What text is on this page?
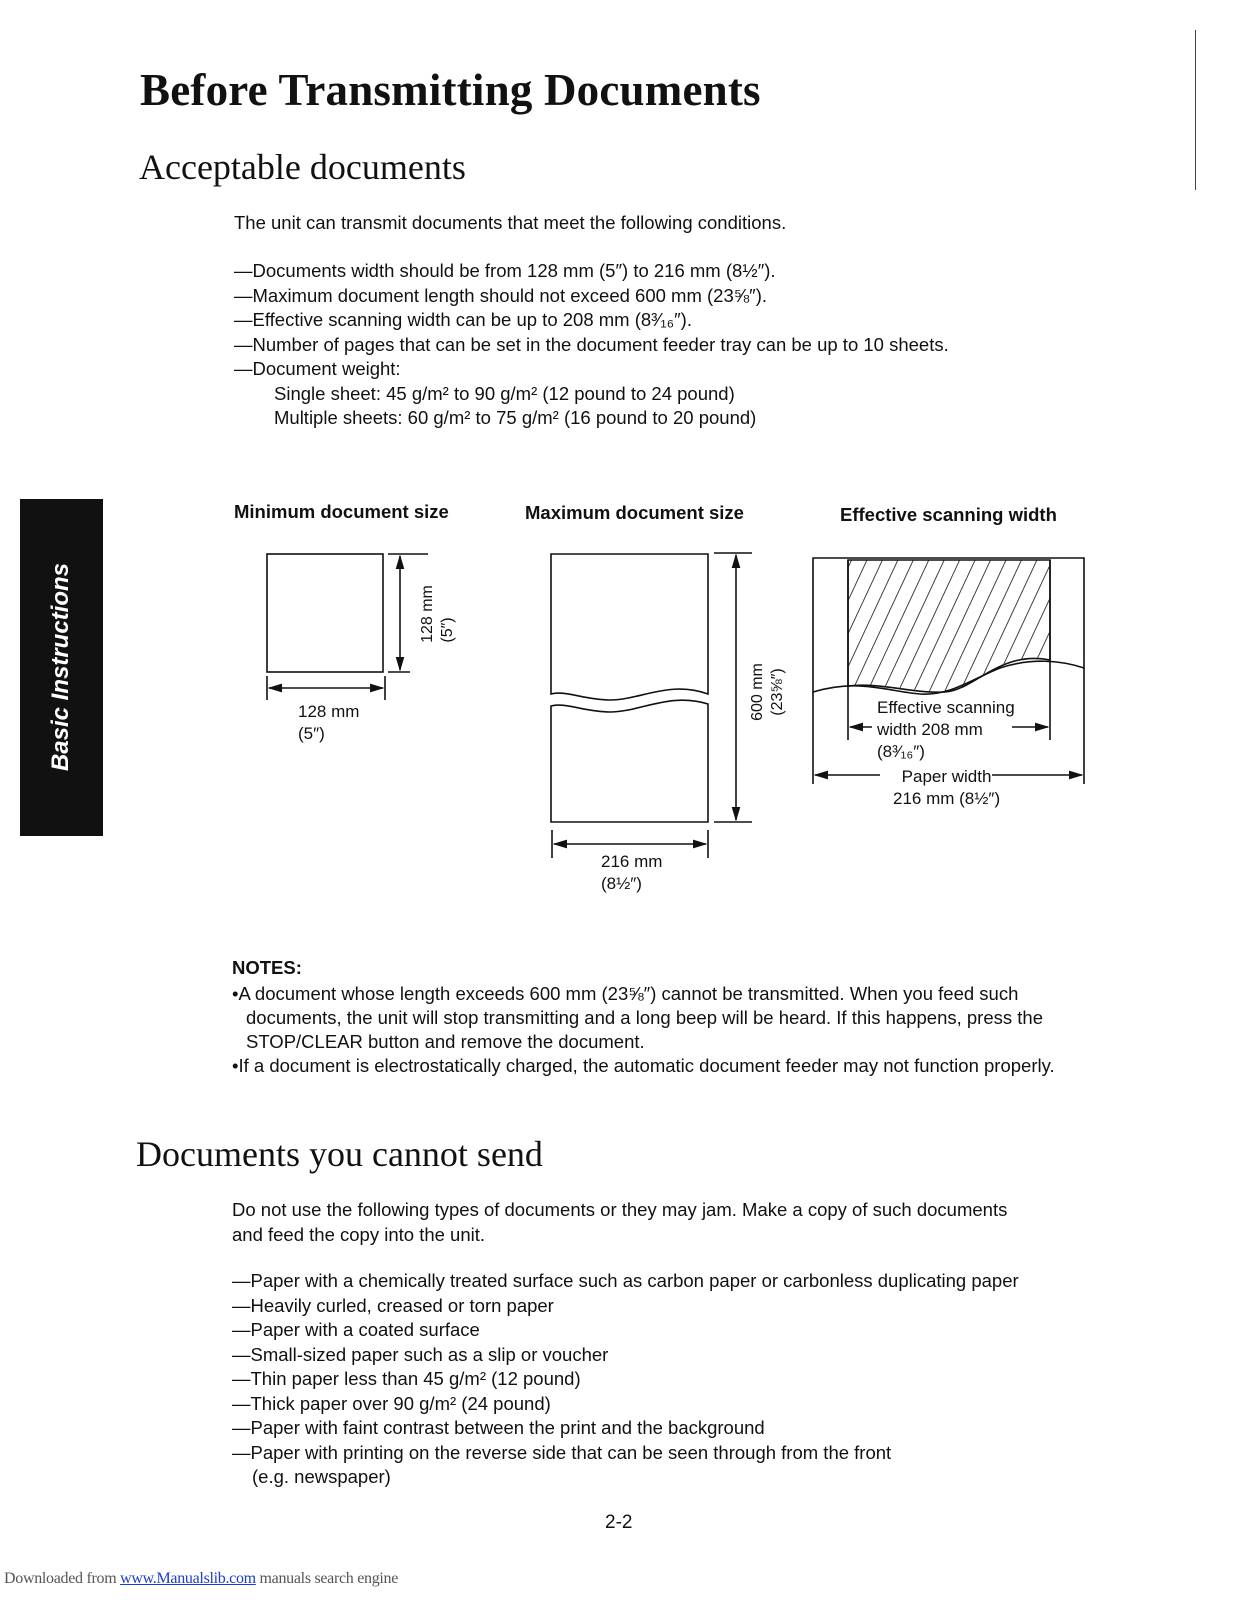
Before Transmitting Documents
Acceptable documents
The unit can transmit documents that meet the following conditions.
—Documents width should be from 128 mm (5″) to 216 mm (8½″).
—Maximum document length should not exceed 600 mm (23⅝″).
—Effective scanning width can be up to 208 mm (8³⁄₁₆″).
—Number of pages that can be set in the document feeder tray can be up to 10 sheets.
—Document weight:
Single sheet: 45 g/m² to 90 g/m² (12 pound to 24 pound)
Multiple sheets: 60 g/m² to 75 g/m² (16 pound to 20 pound)
Basic Instructions
Minimum document size	Maximum document size	Effective scanning width
128 mm (5″)
600 mm (23⅝″)
128 mm
(5″)
216 mm
(8½″)
Effective scanning
width 208 mm
(8³⁄₁₆″)
Paper width
216 mm (8½″)
NOTES:
•A document whose length exceeds 600 mm (23⅝″) cannot be transmitted. When you feed such documents, the unit will stop transmitting and a long beep will be heard. If this happens, press the STOP/CLEAR button and remove the document.
•If a document is electrostatically charged, the automatic document feeder may not function properly.
Documents you cannot send
Do not use the following types of documents or they may jam. Make a copy of such documents
and feed the copy into the unit.
—Paper with a chemically treated surface such as carbon paper or carbonless duplicating paper
—Heavily curled, creased or torn paper
—Paper with a coated surface
—Small-sized paper such as a slip or voucher
—Thin paper less than 45 g/m² (12 pound)
—Thick paper over 90 g/m² (24 pound)
—Paper with faint contrast between the print and the background
—Paper with printing on the reverse side that can be seen through from the front
(e.g. newspaper)
2-2
Downloaded from www.Manualslib.com manuals search engine
